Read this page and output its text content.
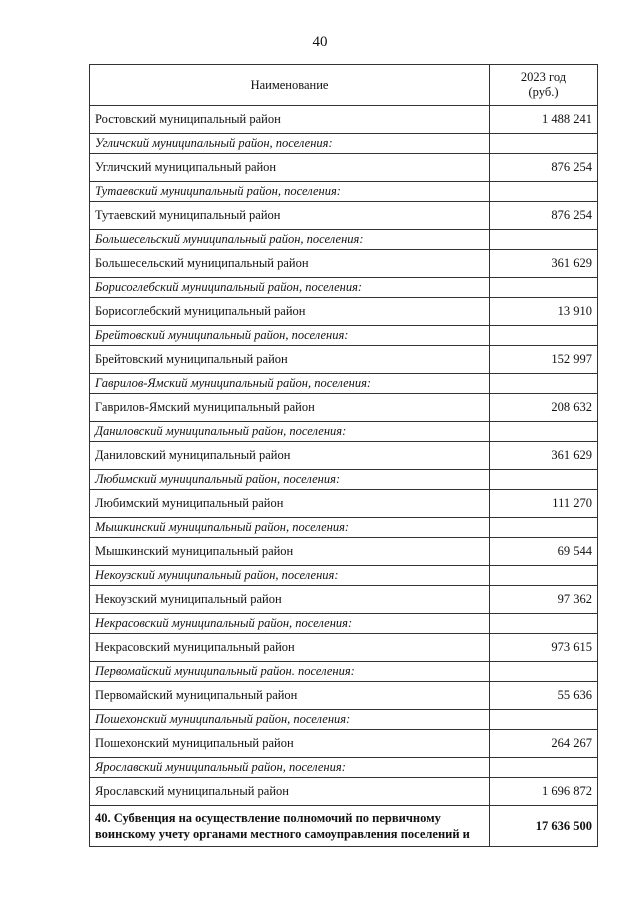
40
Наименование	2023 год
(руб.)

Ростовский муниципальный район	1 488 241
Угличский муниципальный район, поселения:	
Угличский муниципальный район	876 254
Тутаевский муниципальный район, поселения:	
Тутаевский муниципальный район	876 254
Большесельский муниципальный район, поселения:	
Большесельский муниципальный район	361 629
Борисоглебский муниципальный район, поселения:	
Борисоглебский муниципальный район	13 910
Брейтовский муниципальный район, поселения:	
Брейтовский муниципальный район	152 997
Гаврилов-Ямский муниципальный район, поселения:	
Гаврилов-Ямский муниципальный район	208 632
Даниловский муниципальный район, поселения:	
Даниловский муниципальный район	361 629
Любимский муниципальный район, поселения:	
Любимский муниципальный район	111 270
Мышкинский муниципальный район, поселения:	
Мышкинский муниципальный район	69 544
Некоузский муниципальный район, поселения:	
Некоузский муниципальный район	97 362
Некрасовский муниципальный район, поселения:	
Некрасовский муниципальный район	973 615
Первомайский муниципальный район. поселения:	
Первомайский муниципальный район	55 636
Пошехонский муниципальный район, поселения:	
Пошехонский муниципальный район	264 267
Ярославский муниципальный район, поселения:	
Ярославский муниципальный район	1 696 872
40. Субвенция на осуществление полномочий по первичному воинскому учету органами местного самоуправления поселений и	17 636 500
